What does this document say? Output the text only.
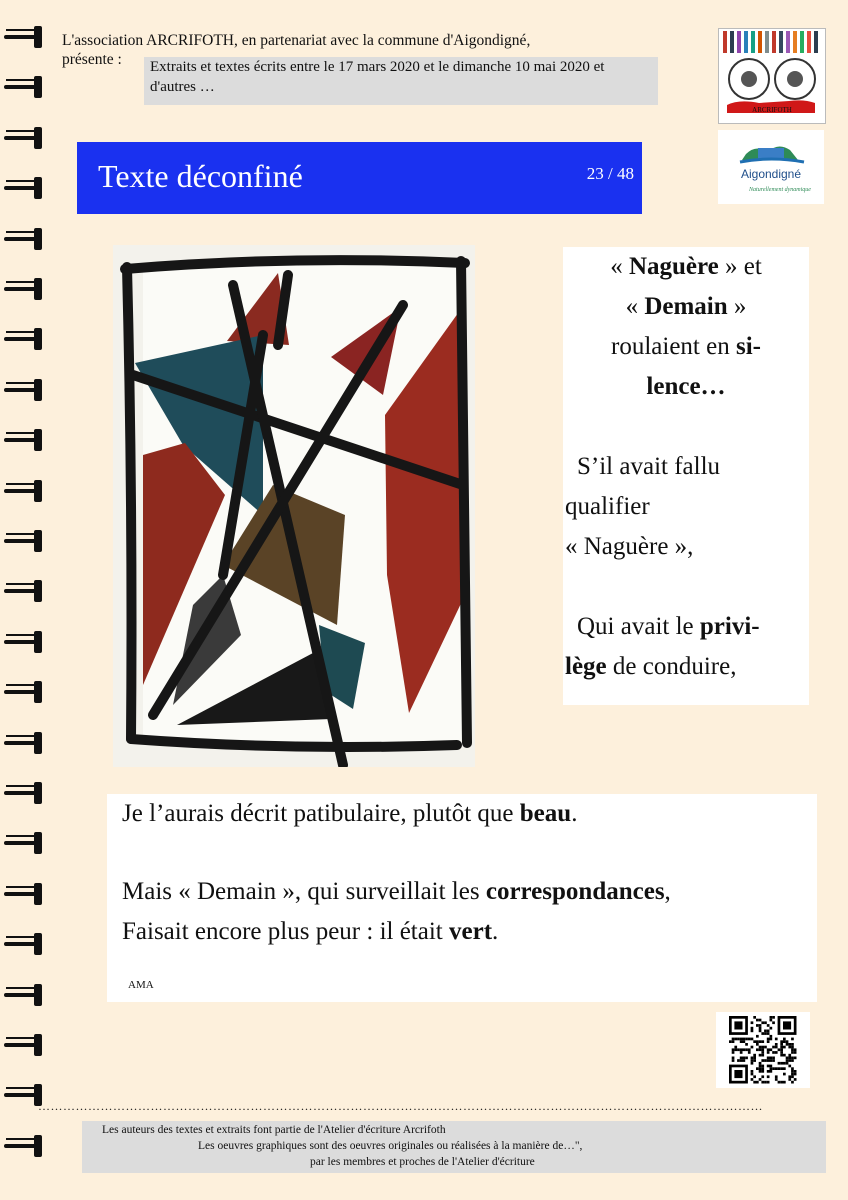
L'association ARCRIFOTH, en partenariat avec la commune d'Aigondigné,
présente :	Extraits et textes écrits entre le 17 mars 2020 et le dimanche 10 mai 2020 et d'autres …
ARCRIFOTH
Aigondigné
Naturellement dynamique
Texte déconfiné	23 / 48
« Naguère » et
« Demain »
roulaient en si-
lence…
S’il avait fallu
qualifier
« Naguère »,
Qui avait le privi-
lège de conduire,

Je l’aurais décrit patibulaire, plutôt que beau.

Mais « Demain », qui surveillait les correspondances,

Faisait encore plus peur : il était vert.

AMA

…………………………………………………………………………………………………………………………………………………………
Les auteurs des textes et extraits font partie de l'Atelier d'écriture Arcrifoth
Les oeuvres graphiques sont des oeuvres originales ou réalisées à la manière de…",
par les membres et proches de l'Atelier d'écriture
